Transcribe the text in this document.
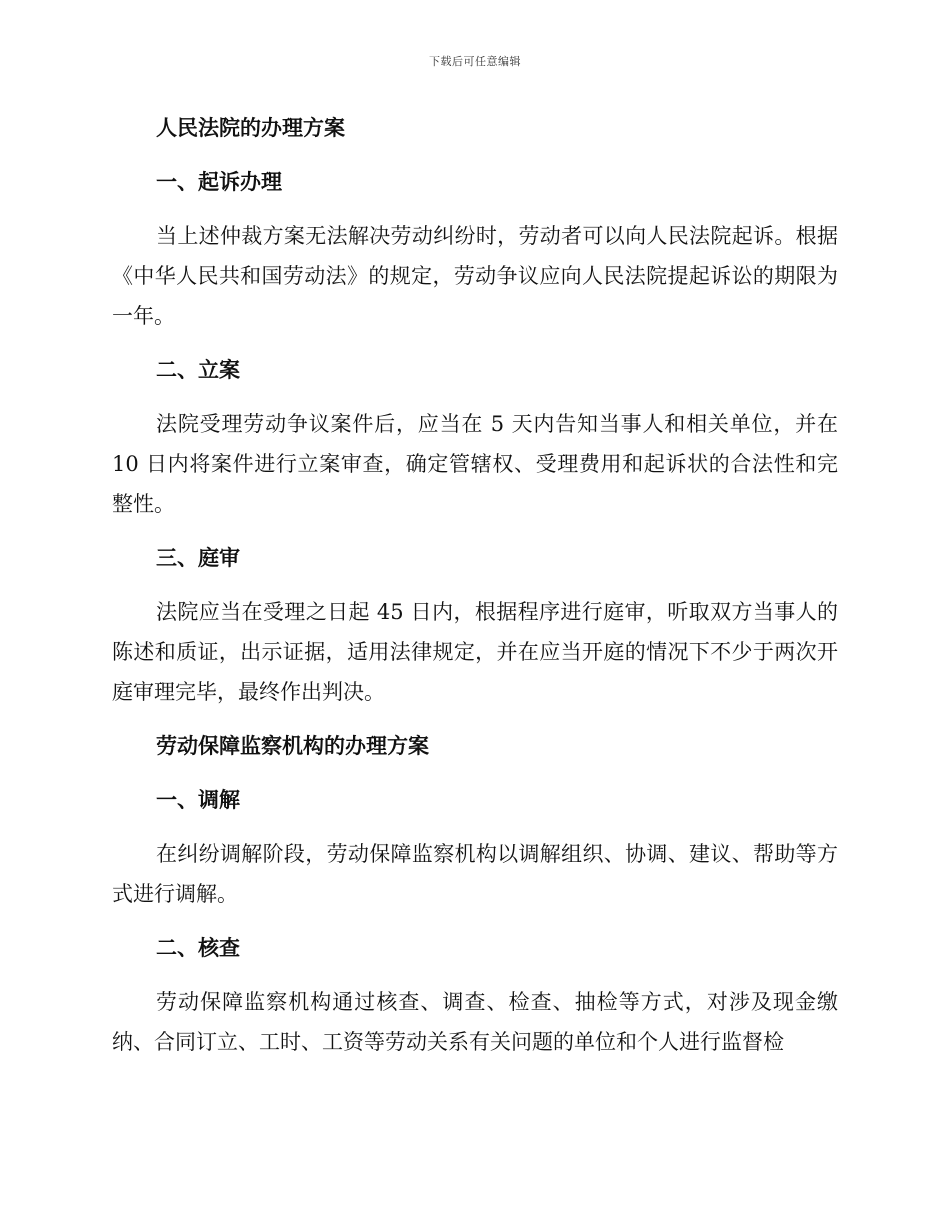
下载后可任意编辑
人民法院的办理方案
一、起诉办理
当上述仲裁方案无法解决劳动纠纷时，劳动者可以向人民法院起诉。根据《中华人民共和国劳动法》的规定，劳动争议应向人民法院提起诉讼的期限为一年。
二、立案
法院受理劳动争议案件后，应当在 5 天内告知当事人和相关单位，并在 10 日内将案件进行立案审查，确定管辖权、受理费用和起诉状的合法性和完整性。
三、庭审
法院应当在受理之日起 45 日内，根据程序进行庭审，听取双方当事人的陈述和质证，出示证据，适用法律规定，并在应当开庭的情况下不少于两次开庭审理完毕，最终作出判决。
劳动保障监察机构的办理方案
一、调解
在纠纷调解阶段，劳动保障监察机构以调解组织、协调、建议、帮助等方式进行调解。
二、核查
劳动保障监察机构通过核查、调查、检查、抽检等方式，对涉及现金缴纳、合同订立、工时、工资等劳动关系有关问题的单位和个人进行监督检
